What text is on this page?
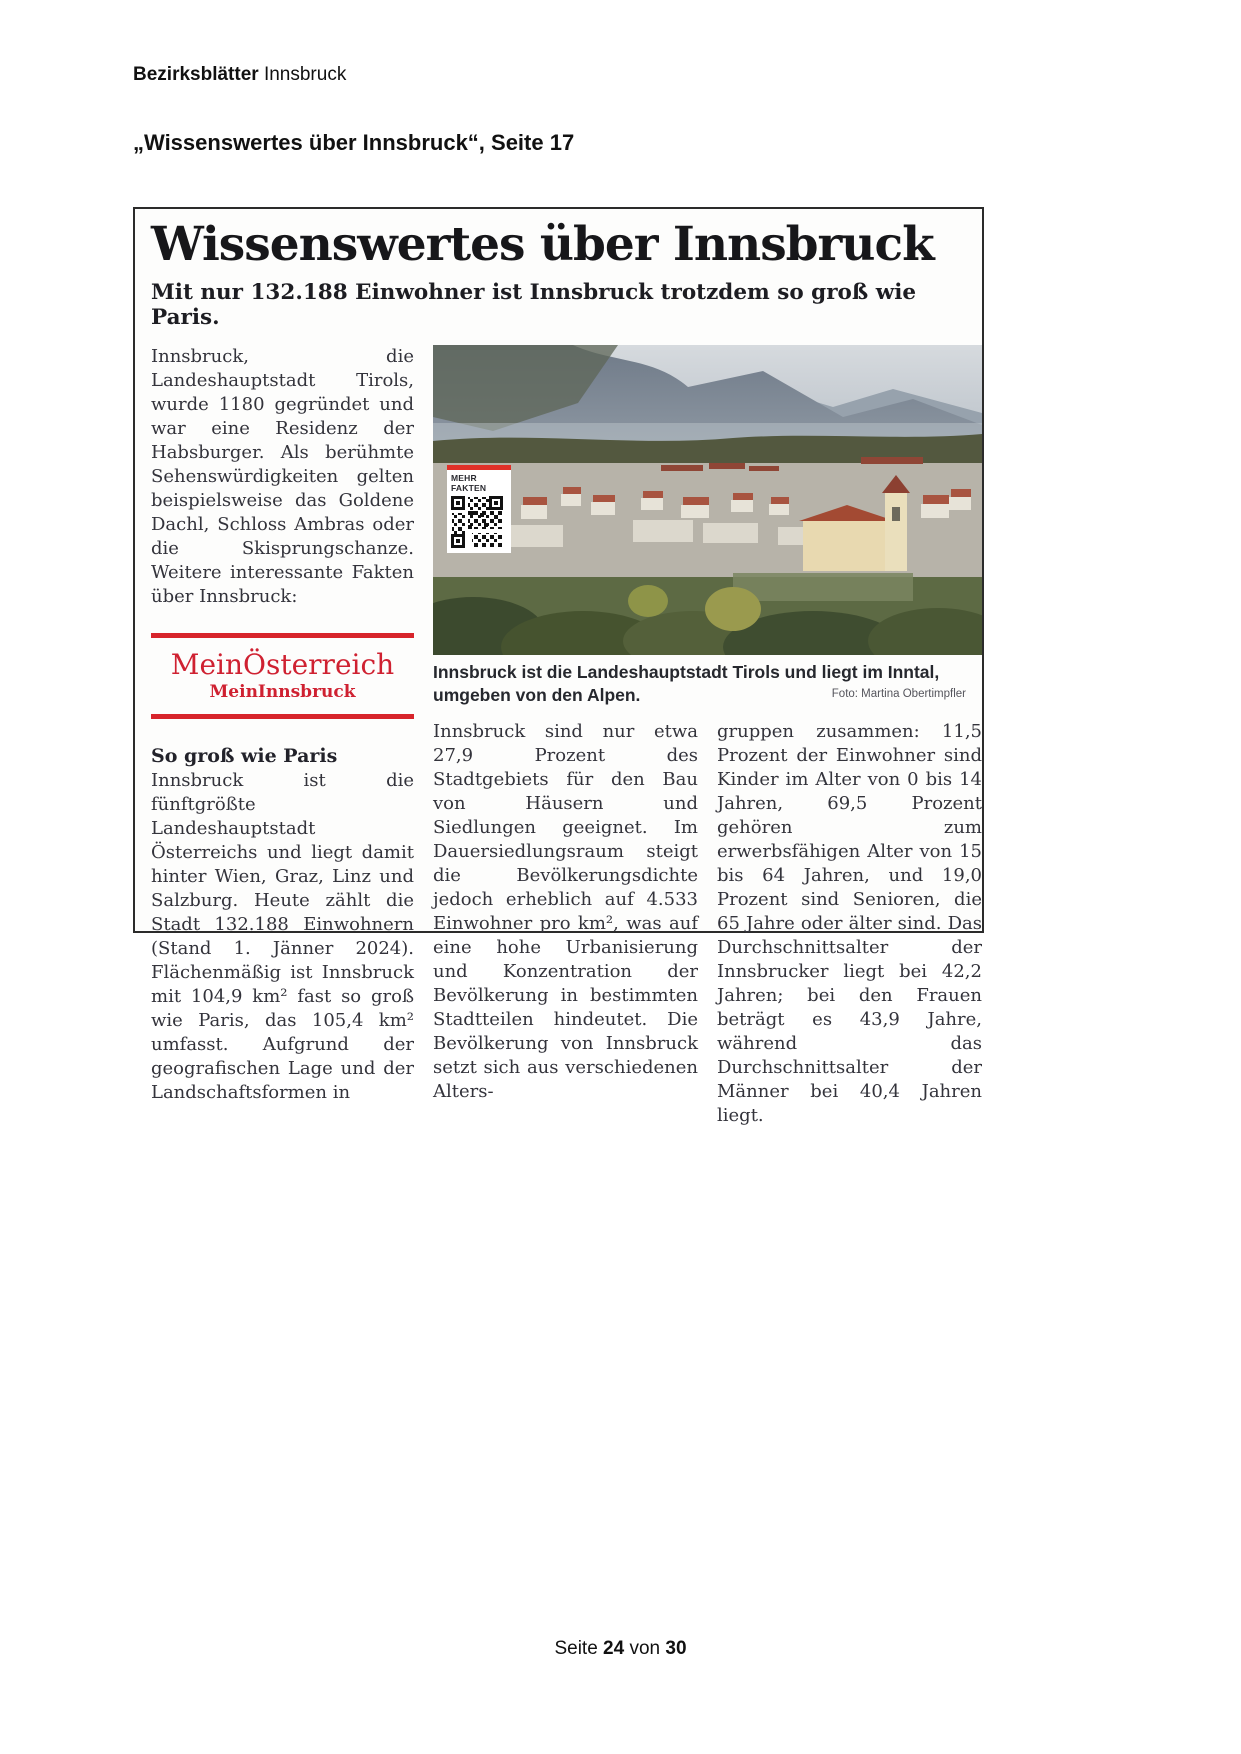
Bezirksblätter Innsbruck
„Wissenswertes über Innsbruck“, Seite 17
Wissenswertes über Innsbruck

Mit nur 132.188 Einwohner ist Innsbruck trotzdem so groß wie Paris.

Innsbruck, die Landeshauptstadt Tirols, wurde 1180 gegründet und war eine Residenz der Habsburger. Als berühmte Sehenswürdigkeiten gelten beispielsweise das Goldene Dachl, Schloss Ambras oder die Skisprungschanze. Weitere interessante Fakten über Innsbruck:

MeinÖsterreich
MeinInnsbruck
So groß wie Paris

Innsbruck ist die fünftgrößte Landeshauptstadt Österreichs und liegt damit hinter Wien, Graz, Linz und Salzburg. Heute zählt die Stadt 132.188 Einwohnern (Stand 1. Jänner 2024). Flächenmäßig ist Innsbruck mit 104,9 km² fast so groß wie Paris, das 105,4 km² umfasst. Aufgrund der geografischen Lage und der Landschaftsformen in

MEHR FAKTEN
Innsbruck ist die Landeshauptstadt Tirols und liegt im Inntal, umgeben von den Alpen.	Foto: Martina Obertimpfler

Innsbruck sind nur etwa 27,9 Prozent des Stadtgebiets für den Bau von Häusern und Siedlungen geeignet. Im Dauersiedlungsraum steigt die Bevölkerungsdichte jedoch erheblich auf 4.533 Einwohner pro km², was auf eine hohe Urbanisierung und Konzentration der Bevölkerung in bestimmten Stadtteilen hindeutet. Die Bevölkerung von Innsbruck setzt sich aus verschiedenen Alters-

gruppen zusammen: 11,5 Prozent der Einwohner sind Kinder im Alter von 0 bis 14 Jahren, 69,5 Prozent gehören zum erwerbsfähigen Alter von 15 bis 64 Jahren, und 19,0 Prozent sind Senioren, die 65 Jahre oder älter sind. Das Durchschnittsalter der Innsbrucker liegt bei 42,2 Jahren; bei den Frauen beträgt es 43,9 Jahre, während das Durchschnittsalter der Männer bei 40,4 Jahren liegt.

Seite 24 von 30
